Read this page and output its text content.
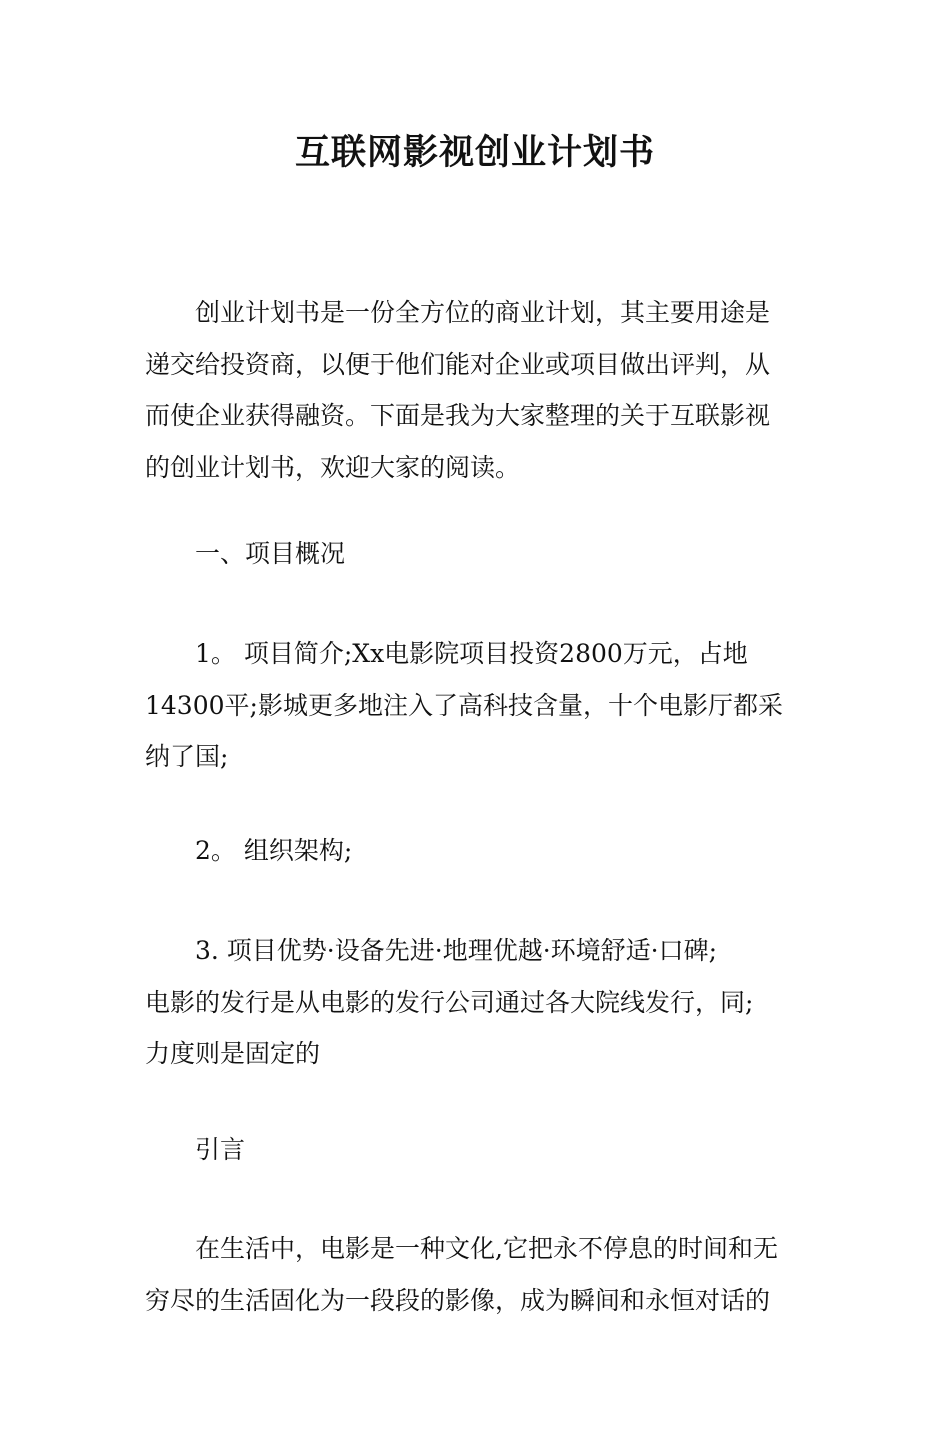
互联网影视创业计划书

创业计划书是一份全方位的商业计划，其主要用途是
递交给投资商，以便于他们能对企业或项目做出评判，从
而使企业获得融资。下面是我为大家整理的关于互联影视
的创业计划书，欢迎大家的阅读。

一、项目概况

1。 项目简介;Xx电影院项目投资2800万元，占地
14300平;影城更多地注入了高科技含量，十个电影厅都采
纳了国;

2。 组织架构;

3. 项目优势·设备先进·地理优越·环境舒适·口碑;
电影的发行是从电影的发行公司通过各大院线发行，同;
力度则是固定的

引言

在生活中，电影是一种文化,它把永不停息的时间和无
穷尽的生活固化为一段段的影像，成为瞬间和永恒对话的
